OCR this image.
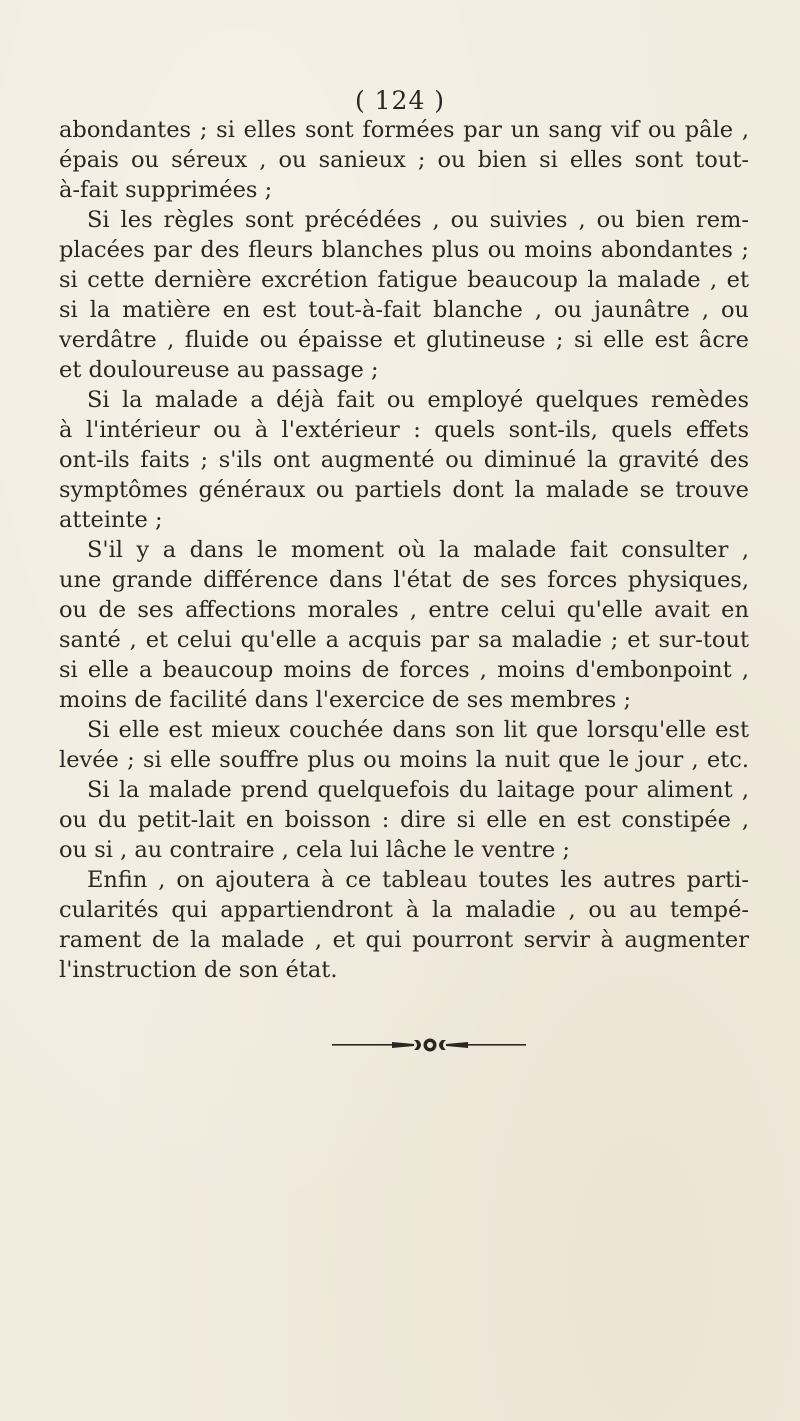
( 124 )
abondantes ; si elles sont formées par un sang vif ou pâle ,
épais ou séreux , ou sanieux ; ou bien si elles sont tout-
à-fait supprimées ;
Si les règles sont précédées , ou suivies , ou bien rem-
placées par des fleurs blanches plus ou moins abondantes ;
si cette dernière excrétion fatigue beaucoup la malade , et
si la matière en est tout-à-fait blanche , ou jaunâtre , ou
verdâtre , fluide ou épaisse et glutineuse ; si elle est âcre
et douloureuse au passage ;
Si la malade a déjà fait ou employé quelques remèdes
à l'intérieur ou à l'extérieur : quels sont-ils, quels effets
ont-ils faits ; s'ils ont augmenté ou diminué la gravité des
symptômes généraux ou partiels dont la malade se trouve
atteinte ;
S'il y a dans le moment où la malade fait consulter ,
une grande différence dans l'état de ses forces physiques,
ou de ses affections morales , entre celui qu'elle avait en
santé , et celui qu'elle a acquis par sa maladie ; et sur-tout
si elle a beaucoup moins de forces , moins d'embonpoint ,
moins de facilité dans l'exercice de ses membres ;
Si elle est mieux couchée dans son lit que lorsqu'elle est
levée ; si elle souffre plus ou moins la nuit que le jour , etc.
Si la malade prend quelquefois du laitage pour aliment ,
ou du petit-lait en boisson : dire si elle en est constipée ,
ou si , au contraire , cela lui lâche le ventre ;
Enfin , on ajoutera à ce tableau toutes les autres parti-
cularités qui appartiendront à la maladie , ou au tempé-
rament de la malade , et qui pourront servir à augmenter
l'instruction de son état.
